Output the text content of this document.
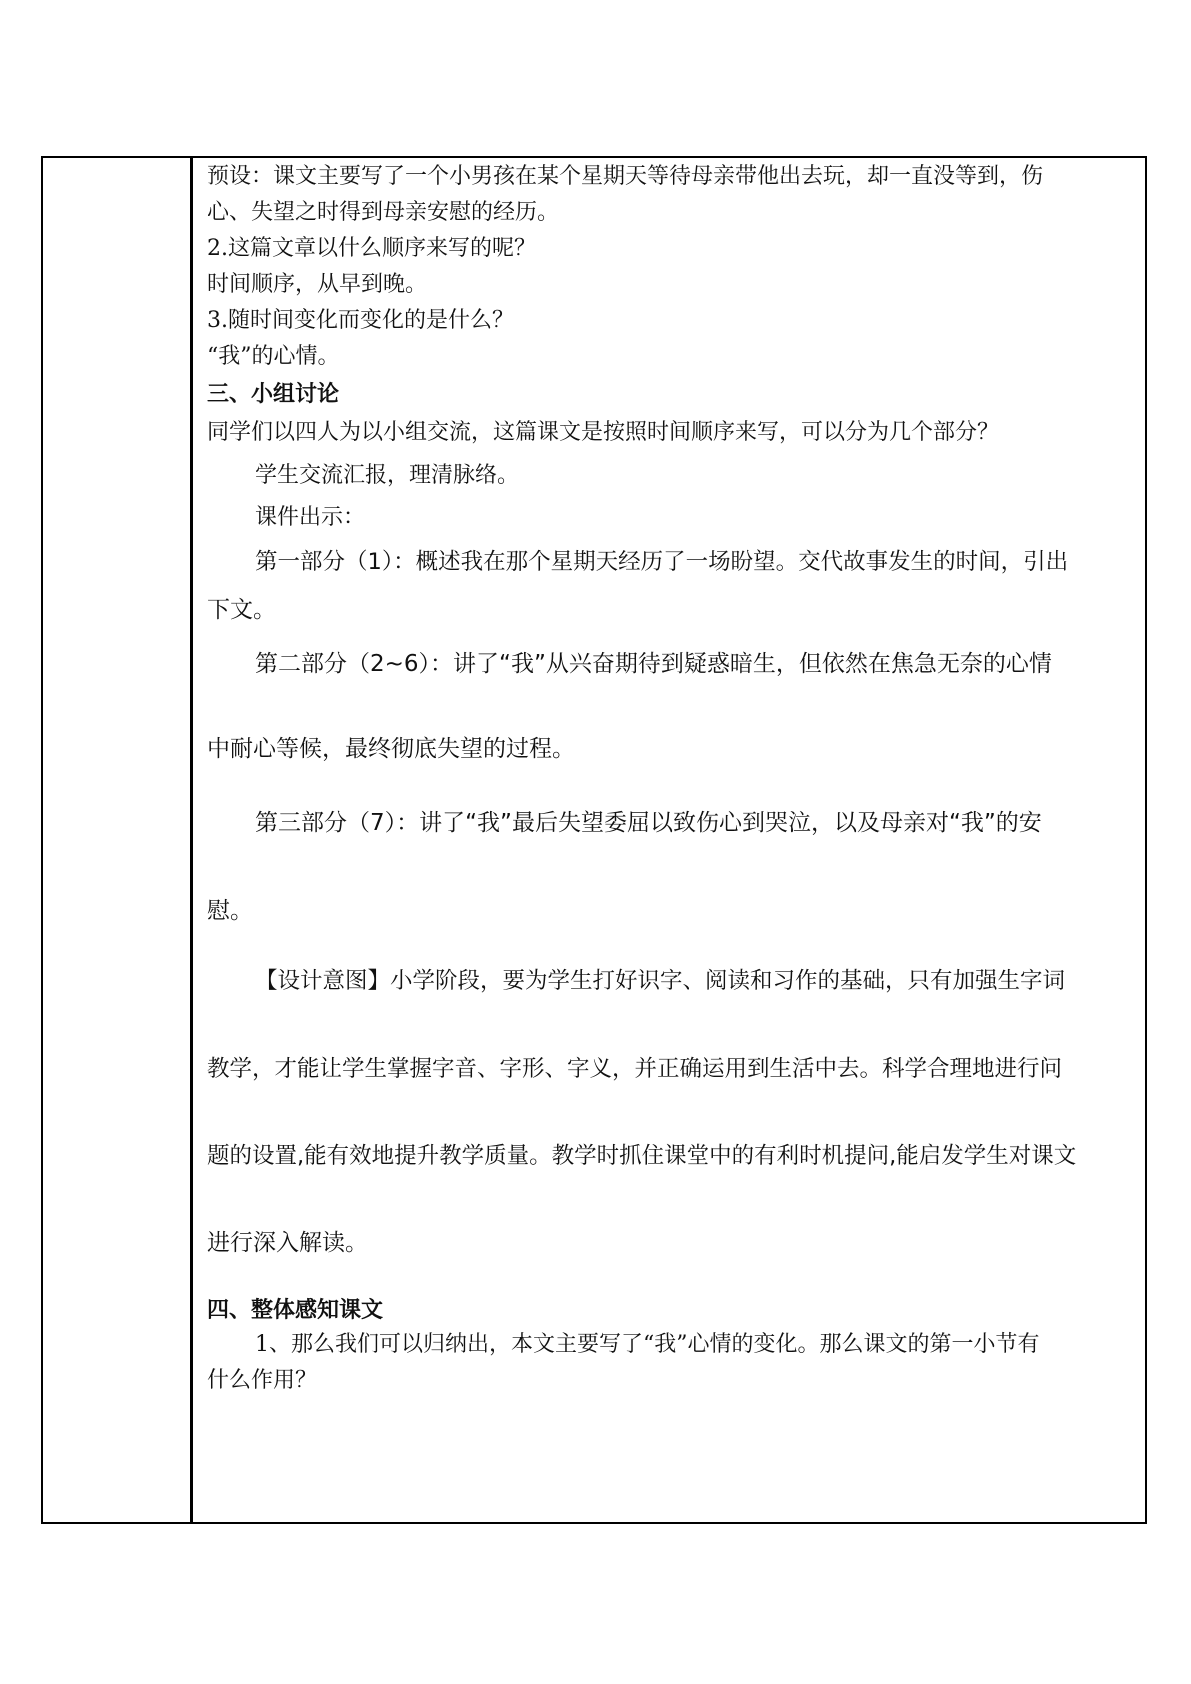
预设：课文主要写了一个小男孩在某个星期天等待母亲带他出去玩，却一直没等到，伤
心、失望之时得到母亲安慰的经历。
2.这篇文章以什么顺序来写的呢？
时间顺序，从早到晚。
3.随时间变化而变化的是什么？
“我”的心情。
三、小组讨论
同学们以四人为以小组交流，这篇课文是按照时间顺序来写，可以分为几个部分？
学生交流汇报，理清脉络。
课件出示：
第一部分（1）：概述我在那个星期天经历了一场盼望。交代故事发生的时间，引出
下文。
第二部分（2~6）：讲了“我”从兴奋期待到疑惑暗生，但依然在焦急无奈的心情
中耐心等候，最终彻底失望的过程。
第三部分（7）：讲了“我”最后失望委屈以致伤心到哭泣，以及母亲对“我”的安
慰。
【设计意图】小学阶段，要为学生打好识字、阅读和习作的基础，只有加强生字词
教学，才能让学生掌握字音、字形、字义，并正确运用到生活中去。科学合理地进行问
题的设置,能有效地提升教学质量。教学时抓住课堂中的有利时机提问,能启发学生对课文
进行深入解读。
四、整体感知课文
1、那么我们可以归纳出，本文主要写了“我”心情的变化。那么课文的第一小节有
什么作用？
